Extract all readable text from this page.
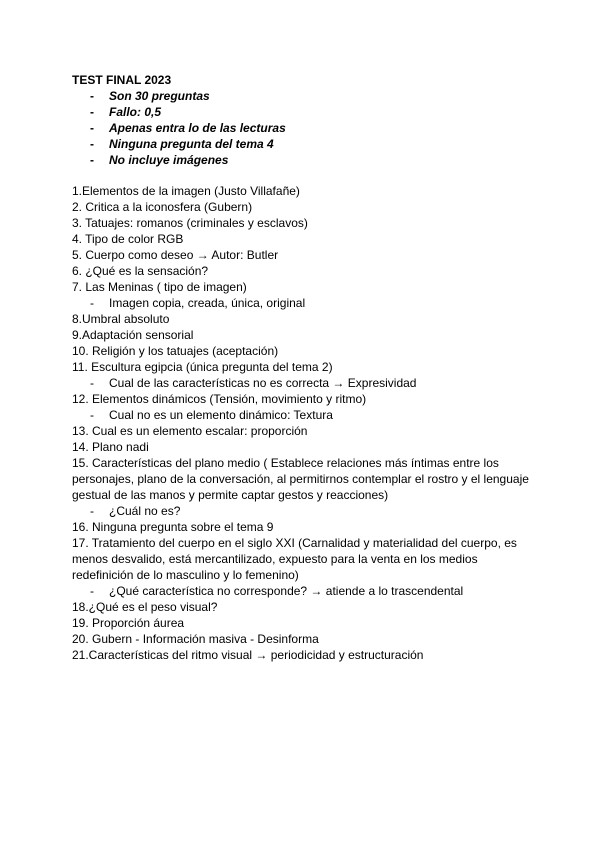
TEST FINAL 2023
- Son 30 preguntas
- Fallo: 0,5
- Apenas entra lo de las lecturas
- Ninguna pregunta del tema 4
- No incluye imágenes
1.Elementos de la imagen (Justo Villafañe)
2. Critica a la iconosfera (Gubern)
3. Tatuajes: romanos (criminales y esclavos)
4. Tipo de color RGB
5. Cuerpo como deseo → Autor: Butler
6. ¿Qué es la sensación?
7. Las Meninas ( tipo de imagen)
- Imagen copia, creada, única, original
8.Umbral absoluto
9.Adaptación sensorial
10. Religión y los tatuajes (aceptación)
11. Escultura egipcia (única pregunta del tema 2)
- Cual de las características no es correcta → Expresividad
12. Elementos dinámicos (Tensión, movimiento y ritmo)
- Cual no es un elemento dinámico: Textura
13. Cual es un elemento escalar: proporción
14. Plano nadi
15. Características del plano medio ( Establece relaciones más íntimas entre los personajes, plano de la conversación, al permitirnos contemplar el rostro y el lenguaje gestual de las manos y permite captar gestos y reacciones)
- ¿Cuál no es?
16. Ninguna pregunta sobre el tema 9
17. Tratamiento del cuerpo en el siglo XXI (Carnalidad y materialidad del cuerpo, es menos desvalido, está mercantilizado, expuesto para la venta en los medios redefinición de lo masculino y lo femenino)
- ¿Qué característica no corresponde? → atiende a lo trascendental
18.¿Qué es el peso visual?
19. Proporción áurea
20. Gubern - Información masiva - Desinforma
21.Características del ritmo visual → periodicidad y estructuración
